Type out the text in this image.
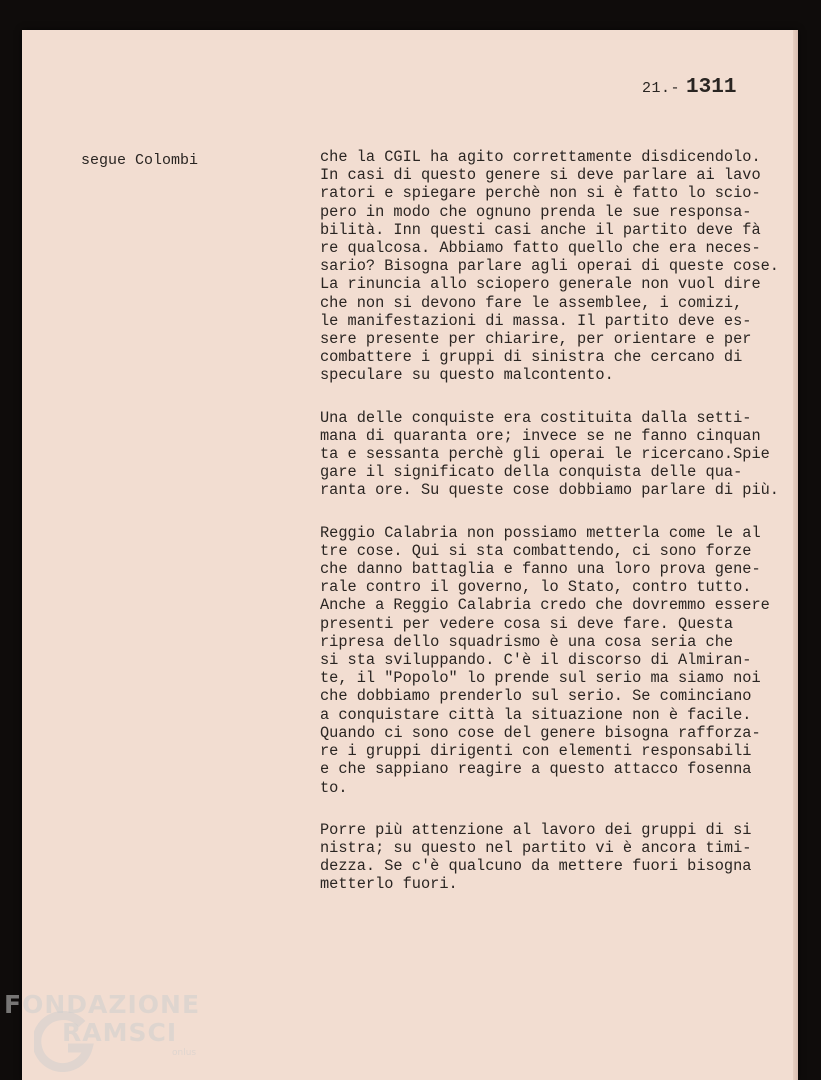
21.- 1311
segue Colombi	che la CGIL ha agito correttamente disdicendolo.
In casi di questo genere si deve parlare ai lavo
ratori e spiegare perchè non si è fatto lo scio-
pero in modo che ognuno prenda le sue responsa-
bilità. Inn questi casi anche il partito deve fà
re qualcosa. Abbiamo fatto quello che era neces-
sario? Bisogna parlare agli operai di queste cose.
La rinuncia allo sciopero generale non vuol dire
che non si devono fare le assemblee, i comizi,
le manifestazioni di massa. Il partito deve es-
sere presente per chiarire, per orientare e per
combattere i gruppi di sinistra che cercano di
speculare su questo malcontento.

Una delle conquiste era costituita dalla setti-
mana di quaranta ore; invece se ne fanno cinquan
ta e sessanta perchè gli operai le ricercano.Spie
gare il significato della conquista delle qua-
ranta ore. Su queste cose dobbiamo parlare di più.

Reggio Calabria non possiamo metterla come le al
tre cose. Qui si sta combattendo, ci sono forze
che danno battaglia e fanno una loro prova gene-
rale contro il governo, lo Stato, contro tutto.
Anche a Reggio Calabria credo che dovremmo essere
presenti per vedere cosa si deve fare. Questa
ripresa dello squadrismo è una cosa seria che
si sta sviluppando. C'è il discorso di Almiran-
te, il "Popolo" lo prende sul serio ma siamo noi
che dobbiamo prenderlo sul serio. Se cominciano
a conquistare città la situazione non è facile.
Quando ci sono cose del genere bisogna rafforza-
re i gruppi dirigenti con elementi responsabili
e che sappiano reagire a questo attacco fosenna
to.

Porre più attenzione al lavoro dei gruppi di si
nistra; su questo nel partito vi è ancora timi-
dezza. Se c'è qualcuno da mettere fuori bisogna
metterlo fuori.

FONDAZIONE
RAMSCI
onlus
